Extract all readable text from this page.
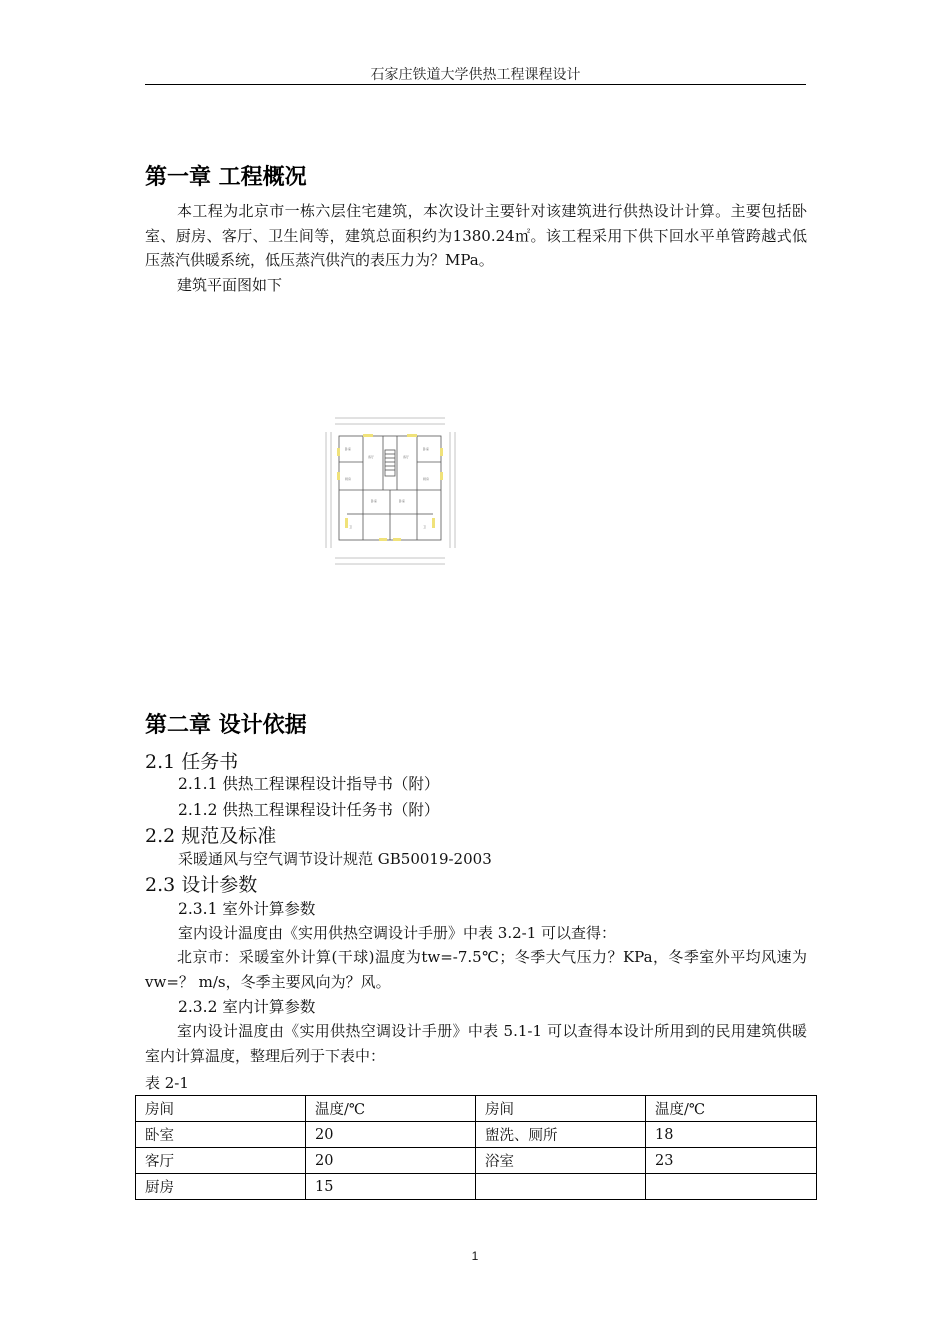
石家庄铁道大学供热工程课程设计
第一章 工程概况
本工程为北京市一栋六层住宅建筑，本次设计主要针对该建筑进行供热设计计算。主要包括卧室、厨房、客厅、卫生间等，建筑总面积约为1380.24㎡。该工程采用下供下回水平单管跨越式低压蒸汽供暖系统，低压蒸汽供汽的表压力为？MPa。
建筑平面图如下
卧室	卧室
客厅	客厅
厨房	厨房
卧室	卧室
卫	卫
第二章 设计依据
2.1 任务书
2.1.1 供热工程课程设计指导书（附）
2.1.2 供热工程课程设计任务书（附）
2.2 规范及标准
采暖通风与空气调节设计规范 GB50019-2003
2.3 设计参数
2.3.1 室外计算参数
室内设计温度由《实用供热空调设计手册》中表 3.2-1 可以查得：
北京市：采暖室外计算(干球)温度为tw=-7.5℃；冬季大气压力？KPa，冬季室外平均风速为vw=？ m/s，冬季主要风向为？风。
2.3.2 室内计算参数
室内设计温度由《实用供热空调设计手册》中表 5.1-1 可以查得本设计所用到的民用建筑供暖室内计算温度，整理后列于下表中：
表 2-1
房间	温度/℃	房间	温度/℃
卧室	20	盥洗、厕所	18
客厅	20	浴室	23
厨房	15		
1
